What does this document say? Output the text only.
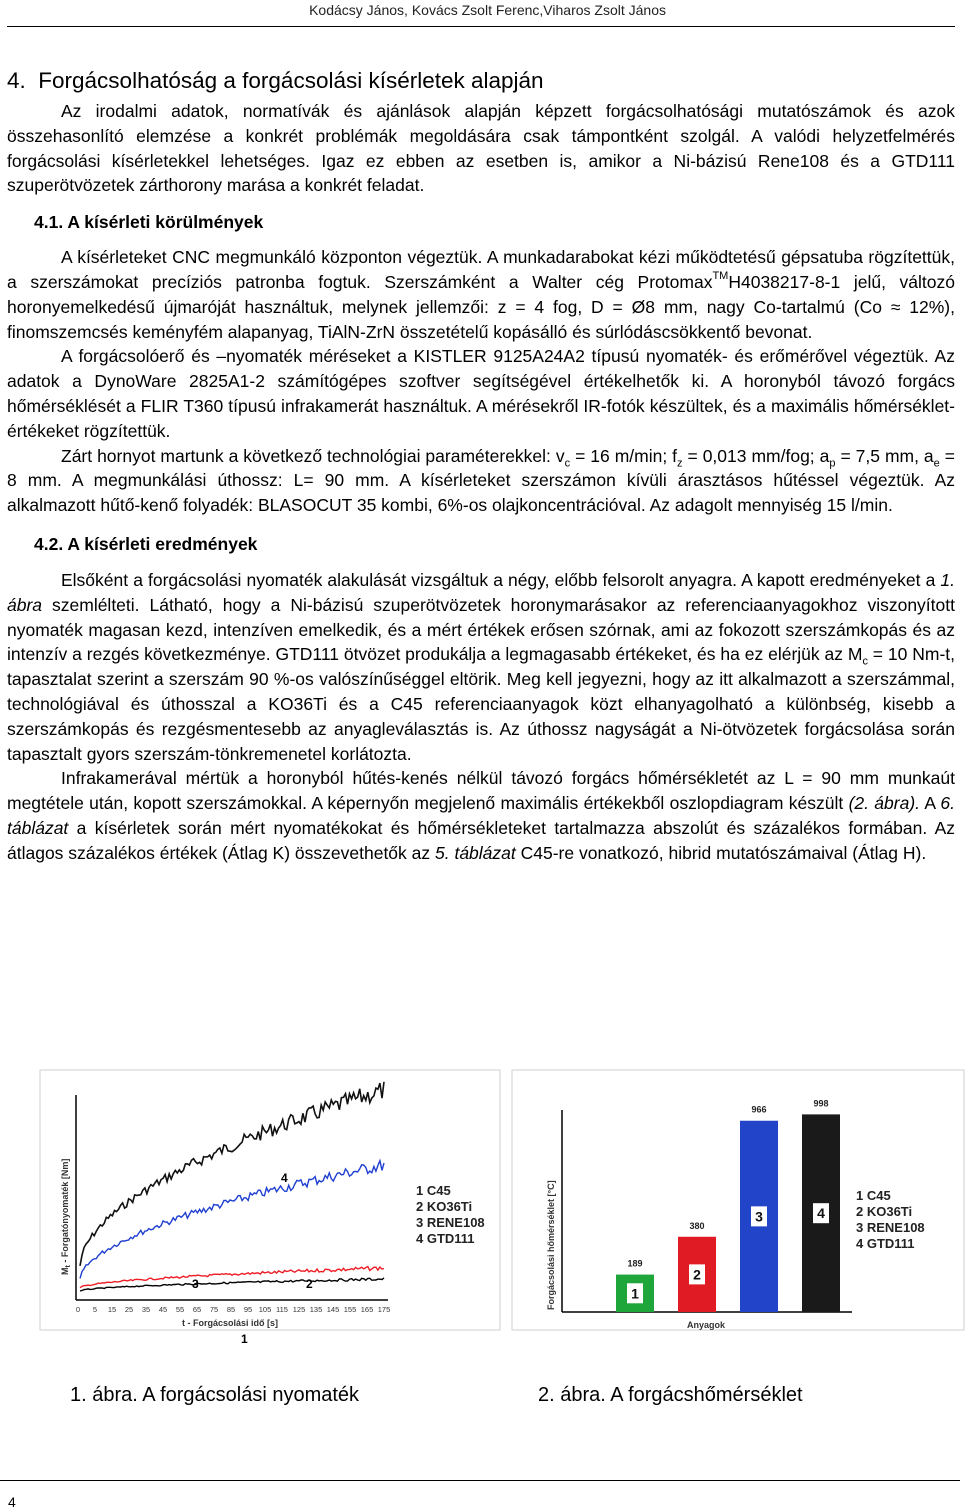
Kodácsy János, Kovács Zsolt Ferenc,Viharos Zsolt János
4. Forgácsolhatóság a forgácsolási kísérletek alapján

Az irodalmi adatok, normatívák és ajánlások alapján képzett forgácsolhatósági mutatószámok és azok összehasonlító elemzése a konkrét problémák megoldására csak támpontként szolgál. A valódi helyzetfelmérés forgácsolási kísérletekkel lehetséges. Igaz ez ebben az esetben is, amikor a Ni-bázisú Rene108 és a GTD111 szuperötvözetek zárthorony marása a konkrét feladat.

4.1. A kísérleti körülmények

A kísérleteket CNC megmunkáló központon végeztük. A munkadarabokat kézi működtetésű gépsatuba rögzítettük, a szerszámokat precíziós patronba fogtuk. Szerszámként a Walter cég Protomax™H4038217-8-1 jelű, változó horonyemelkedésű újmaróját használtuk, melynek jellemzői: z = 4 fog, D = Ø8 mm, nagy Co-tartalmú (Co ≈ 12%), finomszemcsés keményfém alapanyag, TiAlN-ZrN összetételű kopásálló és súrlódáscsökkentő bevonat.

A forgácsolóerő és –nyomaték méréseket a KISTLER 9125A24A2 típusú nyomaték- és erőmérővel végeztük. Az adatok a DynoWare 2825A1-2 számítógépes szoftver segítségével értékelhetők ki. A horonyból távozó forgács hőmérséklését a FLIR T360 típusú infrakamerát használtuk. A mérésekről IR-fotók készültek, és a maximális hőmérséklet-értékeket rögzítettük.

Zárt hornyot martunk a következő technológiai paraméterekkel: $v_c = 16$ m/min; $f_z = 0,013$ mm/fog; $a_p = 7,5$ mm, $a_e = 8$ mm. A megmunkálási úthossz: L= 90 mm. A kísérleteket szerszámon kívüli árasztásos hűtéssel végeztük. Az alkalmazott hűtő-kenő folyadék: BLASOCUT 35 kombi, 6%-os olajkoncentrációval. Az adagolt mennyiség 15 l/min.

4.2. A kísérleti eredmények

Elsőként a forgácsolási nyomaték alakulását vizsgáltuk a négy, előbb felsorolt anyagra. A kapott eredményeket a 1. ábra szemlélteti. Látható, hogy a Ni-bázisú szuperötvözetek horonymarásakor az referenciaanyagokhoz viszonyított nyomaték magasan kezd, intenzíven emelkedik, és a mért értékek erősen szórnak, ami az fokozott szerszámkopás és az intenzív a rezgés következménye. GTD111 ötvözet produkálja a legmagasabb értékeket, és ha ez elérjük az $M_c = 10$ Nm-t, tapasztalat szerint a szerszám 90 %-os valószínűséggel eltörik. Meg kell jegyezni, hogy az itt alkalmazott a szerszámmal, technológiával és úthosszal a KO36Ti és a C45 referenciaanyagok közt elhanyagolható a különbség, kisebb a szerszámkopás és rezgésmentesebb az anyagleválasztás is. Az úthossz nagyságát a Ni-ötvözetek forgácsolása során tapasztalt gyors szerszám-tönkremenetel korlátozta.

Infrakamerával mértük a horonyból hűtés-kenés nélkül távozó forgács hőmérsékletét az L = 90 mm munkaút megtétele után, kopott szerszámokkal. A képernyőn megjelenő maximális értékekből oszlopdiagram készült (2. ábra). A 6. táblázat a kísérletek során mért nyomatékokat és hőmérsékleteket tartalmazza abszolút és százalékos formában. Az átlagos százalékos értékek (Átlag K) összevethetők az 5. táblázat C45-re vonatkozó, hibrid mutatószámaival (Átlag H).

$M_t$ - Forgatónyomaték [Nm]
0 5 15 25 35 45 55 65 75 85 95 105 115 125 135 145 155 165 175
t - Forgácsolási idő [s]
4
3	2
1
1 C45
2 KO36Ti
3 RENE108
4 GTD111	Forgácsolási hőmérséklet [°C]	189
1
380
2
966
3
998
4
Anyagok
1 C45
2 KO36Ti
3 RENE108
4 GTD111
1. ábra. A forgácsolási nyomaték	2. ábra. A forgácshőmérséklet
4
